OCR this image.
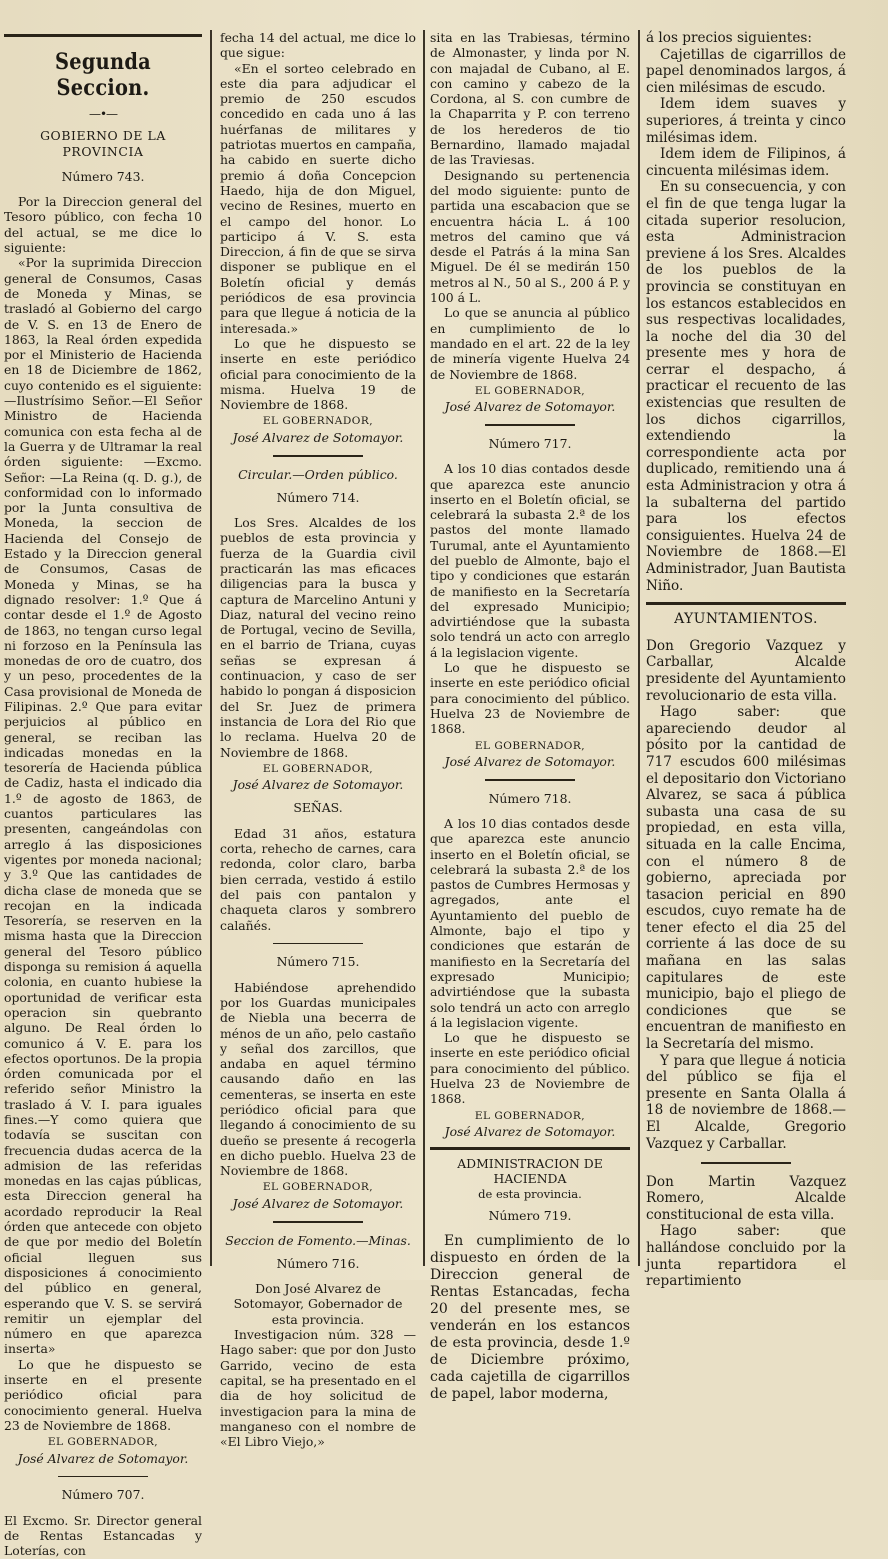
Segunda Seccion.
—•—
GOBIERNO DE LA PROVINCIA
Número 743.

Por la Direccion general del Tesoro público, con fecha 10 del actual, se me dice lo siguiente:

«Por la suprimida Direccion general de Consumos, Casas de Moneda y Minas, se trasladó al Gobierno del cargo de V. S. en 13 de Enero de 1863, la Real órden expedida por el Ministerio de Hacienda en 18 de Diciembre de 1862, cuyo contenido es el siguiente:—Ilustrísimo Señor.—El Señor Ministro de Hacienda comunica con esta fecha al de la Guerra y de Ultramar la real órden siguiente: —Excmo. Señor: —La Reina (q. D. g.), de conformidad con lo informado por la Junta consultiva de Moneda, la seccion de Hacienda del Consejo de Estado y la Direccion general de Consumos, Casas de Moneda y Minas, se ha dignado resolver: 1.º Que á contar desde el 1.º de Agosto de 1863, no tengan curso legal ni forzoso en la Península las monedas de oro de cuatro, dos y un peso, procedentes de la Casa provisional de Moneda de Filipinas. 2.º Que para evitar perjuicios al público en general, se reciban las indicadas monedas en la tesorería de Hacienda pública de Cadiz, hasta el indicado dia 1.º de agosto de 1863, de cuantos particulares las presenten, cangeándolas con arreglo á las disposiciones vigentes por moneda nacional; y 3.º Que las cantidades de dicha clase de moneda que se recojan en la indicada Tesorería, se reserven en la misma hasta que la Direccion general del Tesoro público disponga su remision á aquella colonia, en cuanto hubiese la oportunidad de verificar esta operacion sin quebranto alguno. De Real órden lo comunico á V. E. para los efectos oportunos. De la propia órden comunicada por el referido señor Ministro la traslado á V. I. para iguales fines.—Y como quiera que todavía se suscitan con frecuencia dudas acerca de la admision de las referidas monedas en las cajas públicas, esta Direccion general ha acordado reproducir la Real órden que antecede con objeto de que por medio del Boletín oficial lleguen sus disposiciones á conocimiento del público en general, esperando que V. S. se servirá remitir un ejemplar del número en que aparezca inserta»

Lo que he dispuesto se inserte en el presente periódico oficial para conocimiento general. Huelva 23 de Noviembre de 1868.

EL GOBERNADOR,
José Alvarez de Sotomayor.
Número 707.

El Excmo. Sr. Director general de Rentas Estancadas y Loterías, con

fecha 14 del actual, me dice lo que sigue:

«En el sorteo celebrado en este dia para adjudicar el premio de 250 escudos concedido en cada uno á las huérfanas de militares y patriotas muertos en campaña, ha cabido en suerte dicho premio á doña Concepcion Haedo, hija de don Miguel, vecino de Resines, muerto en el campo del honor. Lo participo á V. S. esta Direccion, á fin de que se sirva disponer se publique en el Boletín oficial y demás periódicos de esa provincia para que llegue á noticia de la interesada.»

Lo que he dispuesto se inserte en este periódico oficial para conocimiento de la misma. Huelva 19 de Noviembre de 1868.

EL GOBERNADOR,
José Alvarez de Sotomayor.
Circular.—Orden público.
Número 714.

Los Sres. Alcaldes de los pueblos de esta provincia y fuerza de la Guardia civil practicarán las mas eficaces diligencias para la busca y captura de Marcelino Antuni y Diaz, natural del vecino reino de Portugal, vecino de Sevilla, en el barrio de Triana, cuyas señas se expresan á continuacion, y caso de ser habido lo pongan á disposicion del Sr. Juez de primera instancia de Lora del Rio que lo reclama. Huelva 20 de Noviembre de 1868.

EL GOBERNADOR,
José Alvarez de Sotomayor.
SEÑAS.

Edad 31 años, estatura corta, rehecho de carnes, cara redonda, color claro, barba bien cerrada, vestido á estilo del pais con pantalon y chaqueta claros y sombrero calañés.

Número 715.

Habiéndose aprehendido por los Guardas municipales de Niebla una becerra de ménos de un año, pelo castaño y señal dos zarcillos, que andaba en aquel término causando daño en las cementeras, se inserta en este periódico oficial para que llegando á conocimiento de su dueño se presente á recogerla en dicho pueblo. Huelva 23 de Noviembre de 1868.

EL GOBERNADOR,
José Alvarez de Sotomayor.
Seccion de Fomento.—Minas.
Número 716.

Don José Alvarez de Sotomayor, Gobernador de esta provincia.

Investigacion núm. 328 — Hago saber: que por don Justo Garrido, vecino de esta capital, se ha presentado en el dia de hoy solicitud de investigacion para la mina de manganeso con el nombre de «El Libro Viejo,»

sita en las Trabiesas, término de Almonaster, y linda por N. con majadal de Cubano, al E. con camino y cabezo de la Cordona, al S. con cumbre de la Chaparrita y P. con terreno de los herederos de tio Bernardino, llamado majadal de las Traviesas.

Designando su pertenencia del modo siguiente: punto de partida una escabacion que se encuentra hácia L. á 100 metros del camino que vá desde el Patrás á la mina San Miguel. De él se medirán 150 metros al N., 50 al S., 200 á P. y 100 á L.

Lo que se anuncia al público en cumplimiento de lo mandado en el art. 22 de la ley de minería vigente Huelva 24 de Noviembre de 1868.

EL GOBERNADOR,
José Alvarez de Sotomayor.
Número 717.

A los 10 dias contados desde que aparezca este anuncio inserto en el Boletín oficial, se celebrará la subasta 2.ª de los pastos del monte llamado Turumal, ante el Ayuntamiento del pueblo de Almonte, bajo el tipo y condiciones que estarán de manifiesto en la Secretaría del expresado Municipio; advirtiéndose que la subasta solo tendrá un acto con arreglo á la legislacion vigente.

Lo que he dispuesto se inserte en este periódico oficial para conocimiento del público. Huelva 23 de Noviembre de 1868.

EL GOBERNADOR,
José Alvarez de Sotomayor.
Número 718.

A los 10 dias contados desde que aparezca este anuncio inserto en el Boletín oficial, se celebrará la subasta 2.ª de los pastos de Cumbres Hermosas y agregados, ante el Ayuntamiento del pueblo de Almonte, bajo el tipo y condiciones que estarán de manifiesto en la Secretaría del expresado Municipio; advirtiéndose que la subasta solo tendrá un acto con arreglo á la legislacion vigente.

Lo que he dispuesto se inserte en este periódico oficial para conocimiento del público. Huelva 23 de Noviembre de 1868.

EL GOBERNADOR,
José Alvarez de Sotomayor.
ADMINISTRACION DE HACIENDA
de esta provincia.
Número 719.

En cumplimiento de lo dispuesto en órden de la Direccion general de Rentas Estancadas, fecha 20 del presente mes, se venderán en los estancos de esta provincia, desde 1.º de Diciembre próximo, cada cajetilla de cigarrillos de papel, labor moderna,

á los precios siguientes:

Cajetillas de cigarrillos de papel denominados largos, á cien milésimas de escudo.

Idem idem suaves y superiores, á treinta y cinco milésimas idem.

Idem idem de Filipinos, á cincuenta milésimas idem.

En su consecuencia, y con el fin de que tenga lugar la citada superior resolucion, esta Administracion previene á los Sres. Alcaldes de los pueblos de la provincia se constituyan en los estancos establecidos en sus respectivas localidades, la noche del dia 30 del presente mes y hora de cerrar el despacho, á practicar el recuento de las existencias que resulten de los dichos cigarrillos, extendiendo la correspondiente acta por duplicado, remitiendo una á esta Administracion y otra á la subalterna del partido para los efectos consiguientes. Huelva 24 de Noviembre de 1868.—El Administrador, Juan Bautista Niño.

AYUNTAMIENTOS.

Don Gregorio Vazquez y Carballar, Alcalde presidente del Ayuntamiento revolucionario de esta villa.

Hago saber: que apareciendo deudor al pósito por la cantidad de 717 escudos 600 milésimas el depositario don Victoriano Alvarez, se saca á pública subasta una casa de su propiedad, en esta villa, situada en la calle Encima, con el número 8 de gobierno, apreciada por tasacion pericial en 890 escudos, cuyo remate ha de tener efecto el dia 25 del corriente á las doce de su mañana en las salas capitulares de este municipio, bajo el pliego de condiciones que se encuentran de manifiesto en la Secretaría del mismo.

Y para que llegue á noticia del público se fija el presente en Santa Olalla á 18 de noviembre de 1868.—El Alcalde, Gregorio Vazquez y Carballar.

Don Martin Vazquez Romero, Alcalde constitucional de esta villa.

Hago saber: que hallándose concluido por la junta repartidora el repartimiento
